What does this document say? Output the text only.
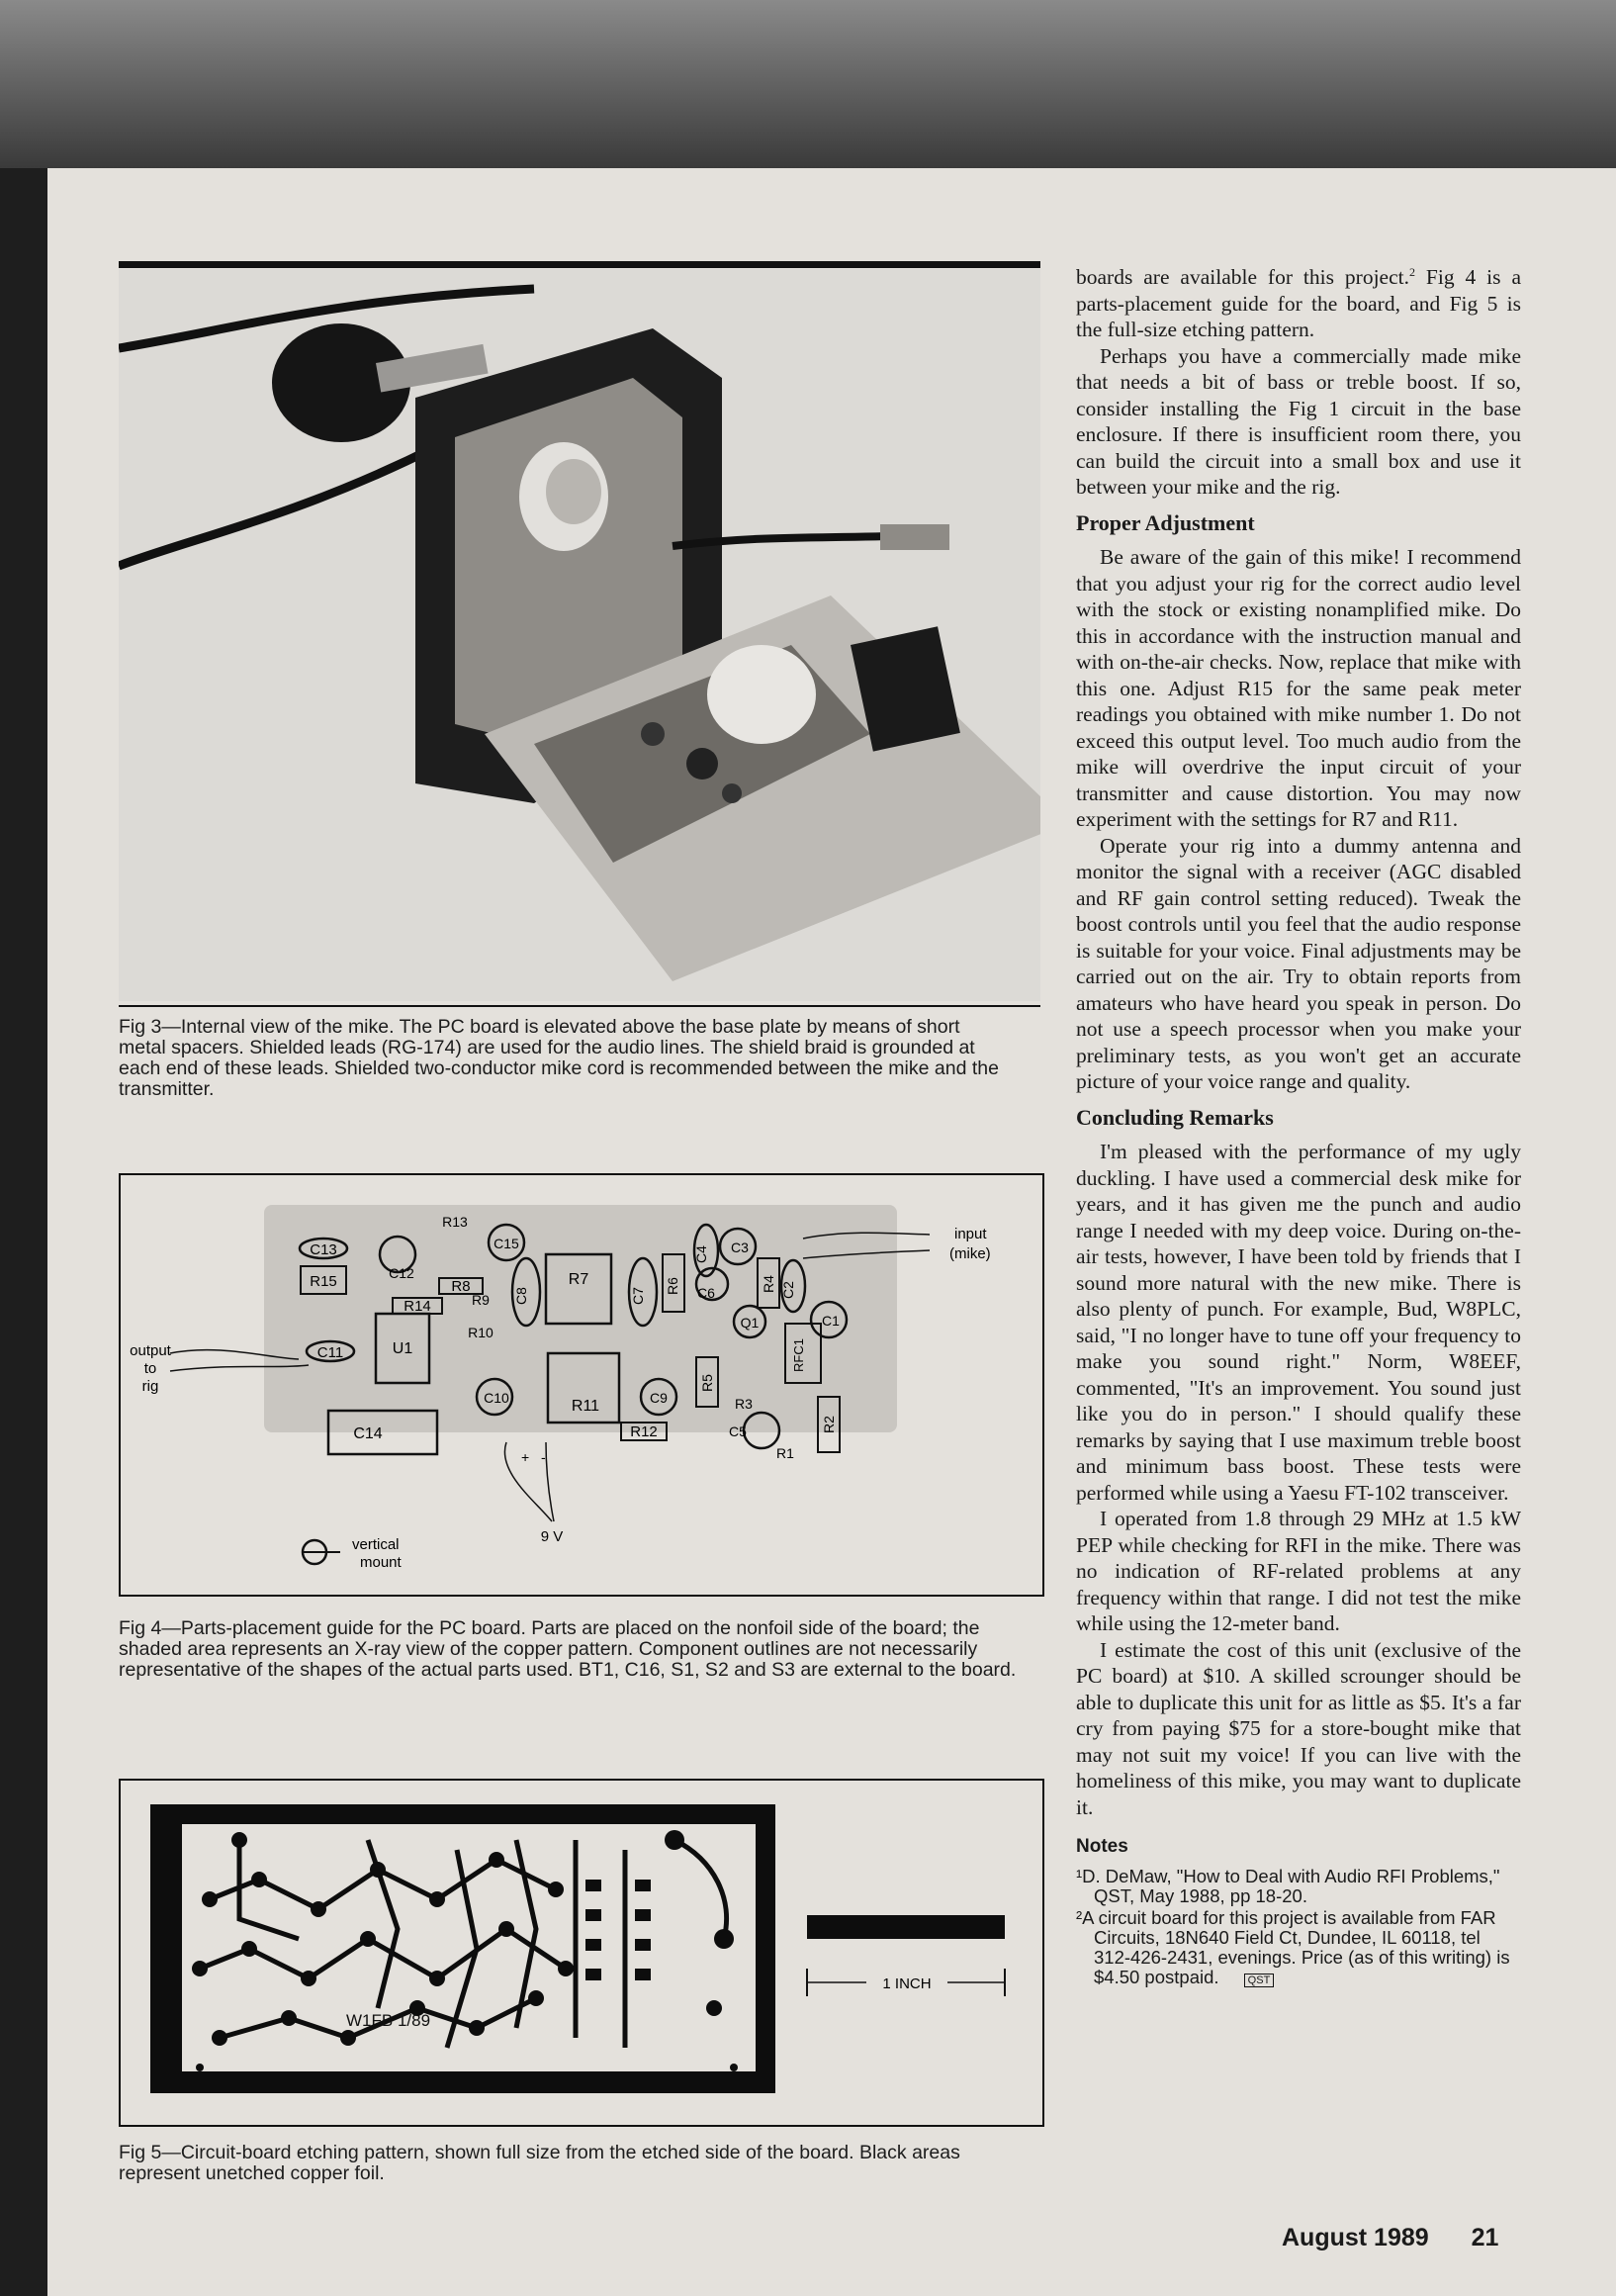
Fig 3—Internal view of the mike. The PC board is elevated above the base plate by means of short metal spacers. Shielded leads (RG-174) are used for the audio lines. The shield braid is grounded at each end of these leads. Shielded two-conductor mike cord is recommended between the mike and the transmitter.
U1
R15
R14
R8	R7
R11
R12
C14
R6	R4
R5
R2
RFC1
C13
C11
C12
C15
R13
R9
R10
C8	C7
C4 C3
C6	C2
Q1	C1
C10	C9	R3
C5
R1
+ -
input
(mike)
output
to
rig
9 V
vertical
mount
Fig 4—Parts-placement guide for the PC board. Parts are placed on the nonfoil side of the board; the shaded area represents an X-ray view of the copper pattern. Component outlines are not necessarily representative of the shapes of the actual parts used. BT1, C16, S1, S2 and S3 are external to the board.
W1FB 1/89
1 INCH
Fig 5—Circuit-board etching pattern, shown full size from the etched side of the board. Black areas represent unetched copper foil.

boards are available for this project.$^2$ Fig 4 is a parts-placement guide for the board, and Fig 5 is the full-size etching pattern.

Perhaps you have a commercially made mike that needs a bit of bass or treble boost. If so, consider installing the Fig 1 circuit in the base enclosure. If there is insufficient room there, you can build the circuit into a small box and use it between your mike and the rig.

Proper Adjustment

Be aware of the gain of this mike! I recommend that you adjust your rig for the correct audio level with the stock or existing nonamplified mike. Do this in accordance with the instruction manual and with on-the-air checks. Now, replace that mike with this one. Adjust R15 for the same peak meter readings you obtained with mike number 1. Do not exceed this output level. Too much audio from the mike will overdrive the input circuit of your transmitter and cause distortion. You may now experiment with the settings for R7 and R11.

Operate your rig into a dummy antenna and monitor the signal with a receiver (AGC disabled and RF gain control setting reduced). Tweak the boost controls until you feel that the audio response is suitable for your voice. Final adjustments may be carried out on the air. Try to obtain reports from amateurs who have heard you speak in person. Do not use a speech processor when you make your preliminary tests, as you won't get an accurate picture of your voice range and quality.

Concluding Remarks

I'm pleased with the performance of my ugly duckling. I have used a commercial desk mike for years, and it has given me the punch and audio range I needed with my deep voice. During on-the-air tests, however, I have been told by friends that I sound more natural with the new mike. There is also plenty of punch. For example, Bud, W8PLC, said, "I no longer have to tune off your frequency to make you sound right." Norm, W8EEF, commented, "It's an improvement. You sound just like you do in person." I should qualify these remarks by saying that I use maximum treble boost and minimum bass boost. These tests were performed while using a Yaesu FT-102 transceiver.

I operated from 1.8 through 29 MHz at 1.5 kW PEP while checking for RFI in the mike. There was no indication of RF-related problems at any frequency within that range. I did not test the mike while using the 12-meter band.

I estimate the cost of this unit (exclusive of the PC board) at $10. A skilled scrounger should be able to duplicate this unit for as little as $5. It's a far cry from paying $75 for a store-bought mike that may not suit my voice! If you can live with the homeliness of this mike, you may want to duplicate it.

Notes
¹D. DeMaw, "How to Deal with Audio RFI Problems," QST, May 1988, pp 18-20.
²A circuit board for this project is available from FAR Circuits, 18N640 Field Ct, Dundee, IL 60118, tel 312-426-2431, evenings. Price (as of this writing) is $4.50 postpaid.	QST
August 1989 21
